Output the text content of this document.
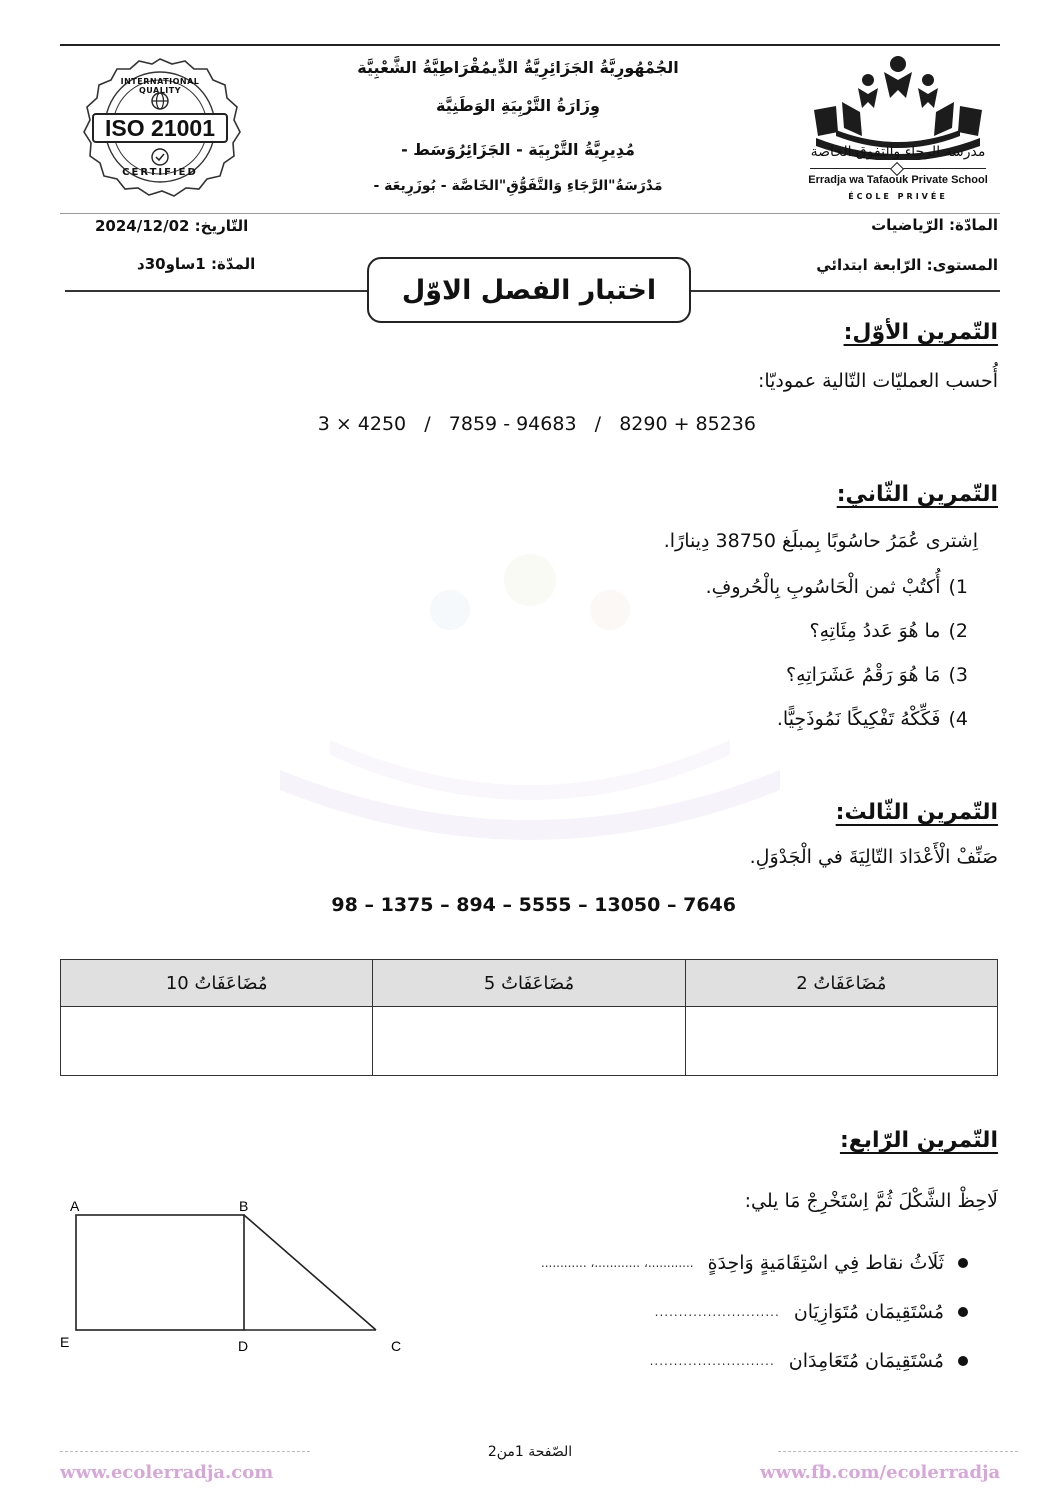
INTERNATIONAL QUALITY
ISO 21001
CERTIFIED
الجُمْهُورِيَّةُ الجَزَائِرِيَّةُ الدِّيمُقْرَاطِيَّةُ الشَّعْبِيَّة
وِزَارَةُ التَّرْبِيَةِ الوَطَنِيَّة
مُدِيرِيَّةُ التَّرْبِيَة - الجَزَائِرُوَسَط -
مَدْرَسَةُ"الرَّجَاءِ وَالتَّفَوُّقِ"الخَاصَّة - بُوزَرِيعَة -
مدرسة الرجاء والتفوق الخاصة
Erradja wa Tafaouk Private School
ÉCOLE PRIVÉE
المادّة: الرّياضيات
المستوى: الرّابعة ابتدائي
التّاريخ: 2024/12/02
المدّة: 1ساو30د
اختبار الفصل الاوّل
التّمرين الأوّل:
أُحسب العمليّات التّالية عموديّا:
85236 + 8290   /   94683 - 7859   /   4250 × 3
التّمرين الثّاني:
اِشترى عُمَرُ حاسُوبًا بِمبلَغ 38750 دِينارًا.
1)
أُكتُبْ ثمن الْحَاسُوبِ بِالْحُروفِ.
2)
ما هُوَ عَددُ مِئَاتِهِ؟
3)
مَا هُوَ رَقْمُ عَشَرَاتِهِ؟
4)
فَكِّكْهُ تَفْكِيكًا نَمُوذَجِيًّا.
التّمرين الثّالث:
صَنِّفْ الْأَعْدَادَ التّالِيَةَ في الْجَدْوَلِ.
7646 – 13050 – 5555 – 894 – 1375 – 98
مُضَاعَفَاتُ 2	مُضَاعَفَاتُ 5	مُضَاعَفَاتُ 10

التّمرين الرّابع:
لَاحِظْ الشَّكْلَ ثُمَّ اِسْتَخْرِجْ مَا يلي:
ثَلَاثُ نقاط فِي اسْتِقَامَيةٍ وَاحِدَةٍ
............، ............، ............
مُسْتَقِيمَان مُتَوَازِيَان
..........................
مُسْتَقِيمَان مُتَعَامِدَان
..........................
A	B
E	D	C
الصّفحة 1من2
www.ecolerradja.com	www.fb.com/ecolerradja
